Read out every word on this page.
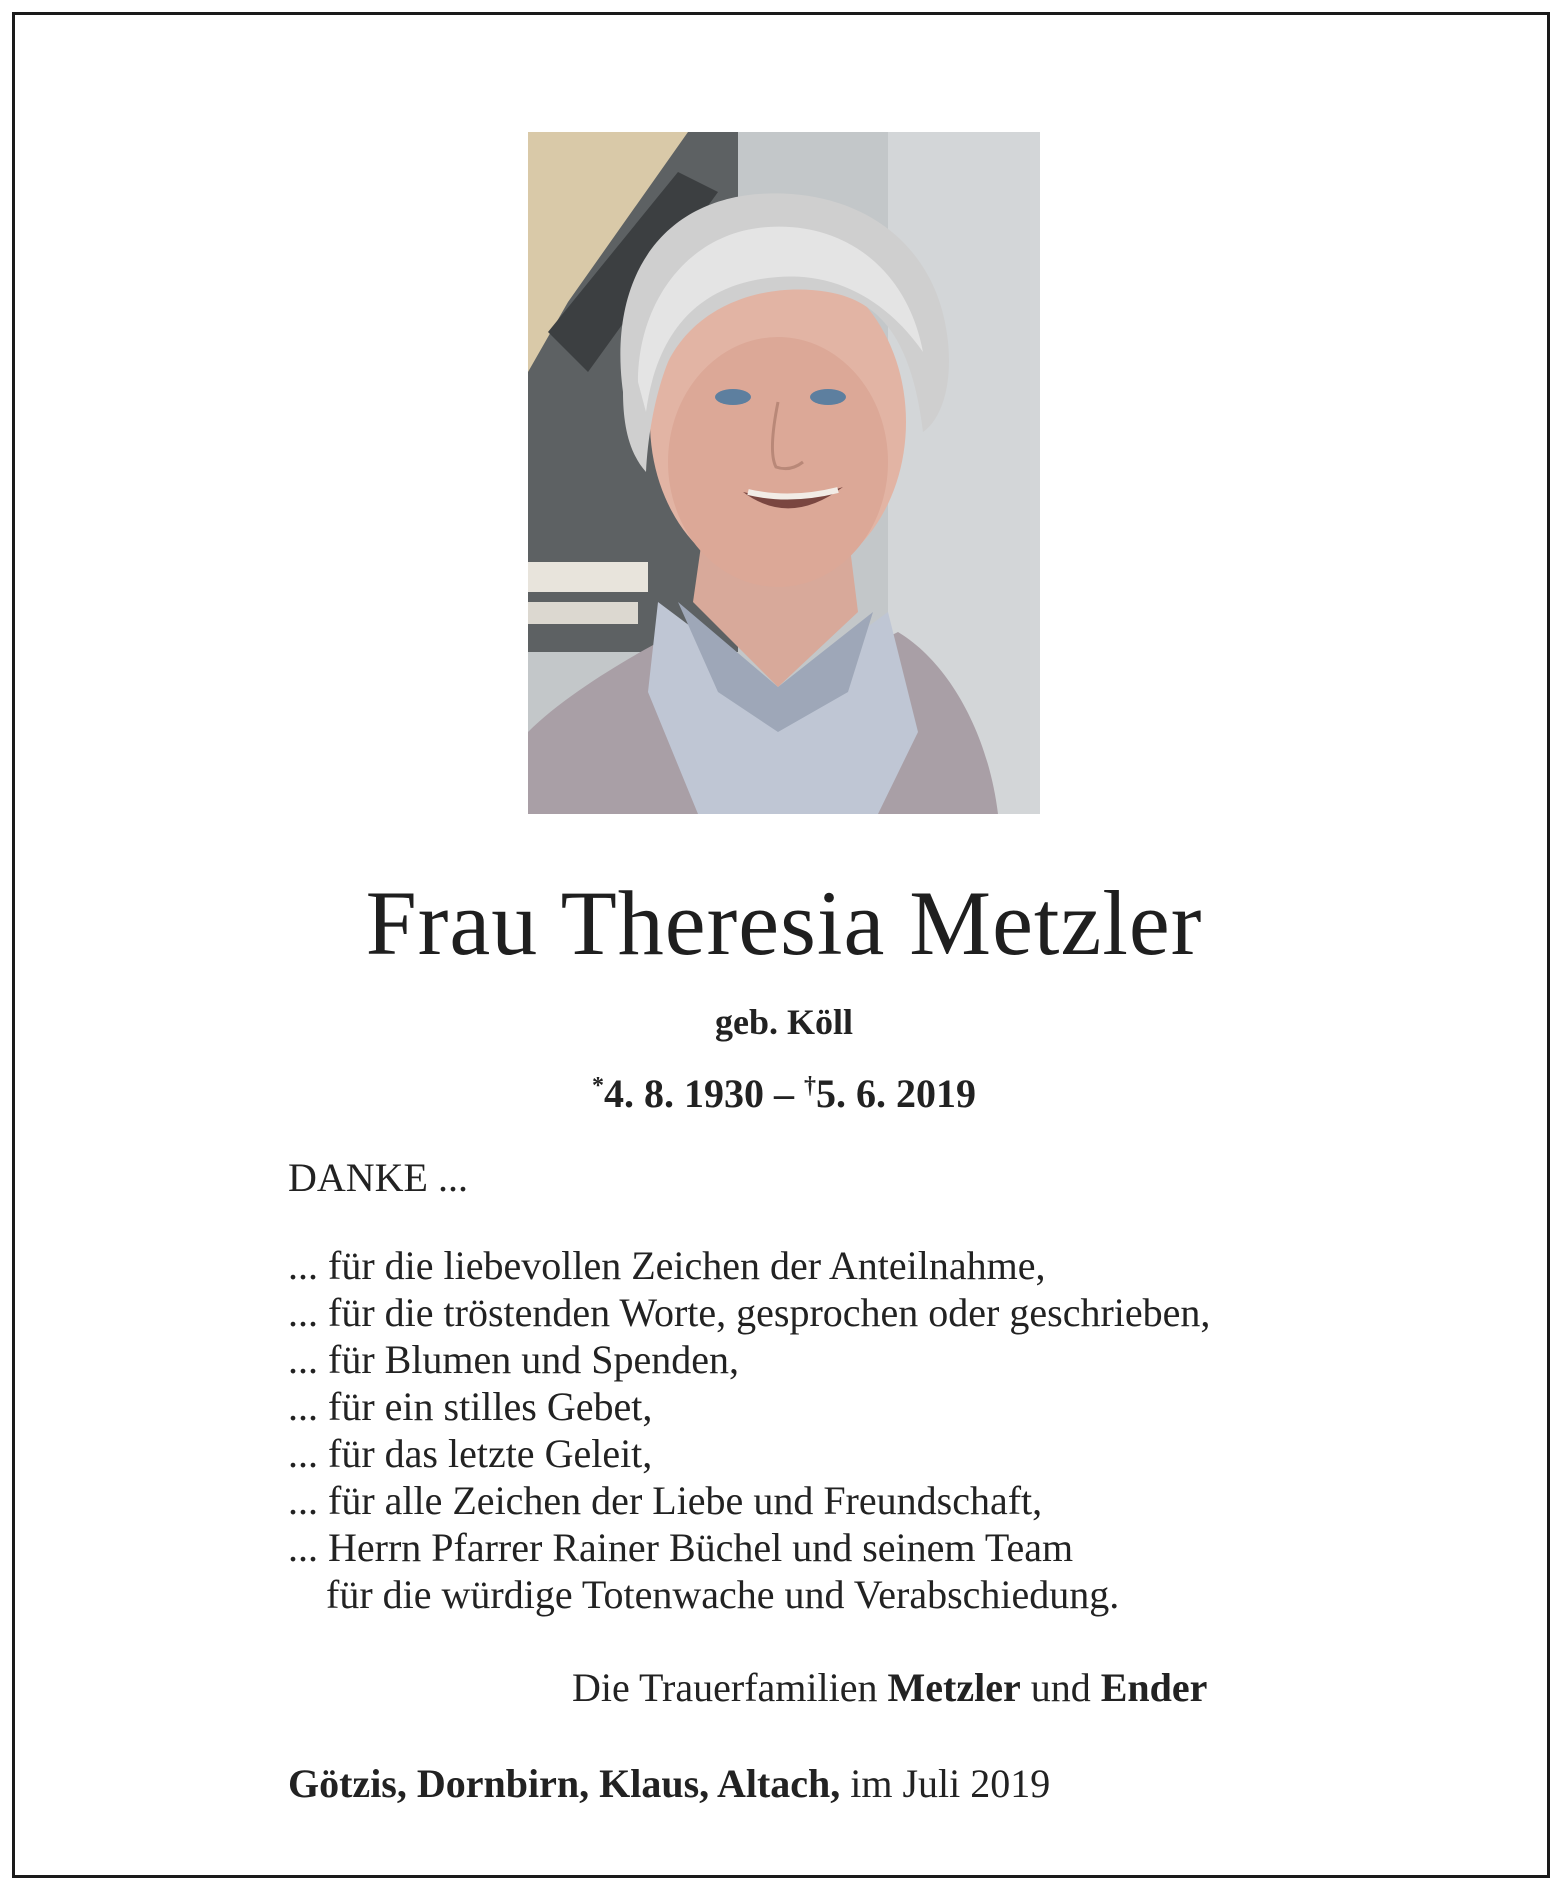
Frau Theresia Metzler
geb. Köll
*4. 8. 1930 – †5. 6. 2019
DANKE ...
... für die liebevollen Zeichen der Anteilnahme,
... für die tröstenden Worte, gesprochen oder geschrieben,
... für Blumen und Spenden,
... für ein stilles Gebet,
... für das letzte Geleit,
... für alle Zeichen der Liebe und Freundschaft,
... Herrn Pfarrer Rainer Büchel und seinem Team
für die würdige Totenwache und Verabschiedung.
Die Trauerfamilien Metzler und Ender
Götzis, Dornbirn, Klaus, Altach, im Juli 2019
